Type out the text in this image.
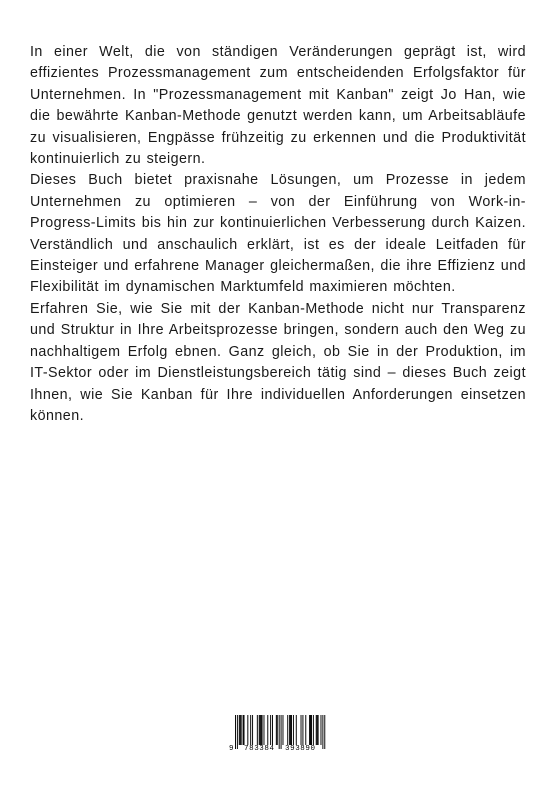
In einer Welt, die von ständigen Veränderungen geprägt ist, wird effizientes Prozessmanagement zum entscheidenden Erfolgsfaktor für Unternehmen. In "Prozessmanagement mit Kanban" zeigt Jo Han, wie die bewährte Kanban-Methode genutzt werden kann, um Arbeitsabläufe zu visualisieren, Engpässe frühzeitig zu erkennen und die Produktivität kontinuierlich zu steigern.

Dieses Buch bietet praxisnahe Lösungen, um Prozesse in jedem Unternehmen zu optimieren – von der Einführung von Work-in-Progress-Limits bis hin zur kontinuierlichen Verbesserung durch Kaizen. Verständlich und anschaulich erklärt, ist es der ideale Leitfaden für Einsteiger und erfahrene Manager gleichermaßen, die ihre Effizienz und Flexibilität im dynamischen Marktumfeld maximieren möchten.

Erfahren Sie, wie Sie mit der Kanban-Methode nicht nur Transparenz und Struktur in Ihre Arbeitsprozesse bringen, sondern auch den Weg zu nachhaltigem Erfolg ebnen. Ganz gleich, ob Sie in der Produktion, im IT-Sektor oder im Dienstleistungsbereich tätig sind – dieses Buch zeigt Ihnen, wie Sie Kanban für Ihre individuellen Anforderungen einsetzen können.

9 783384 393890
